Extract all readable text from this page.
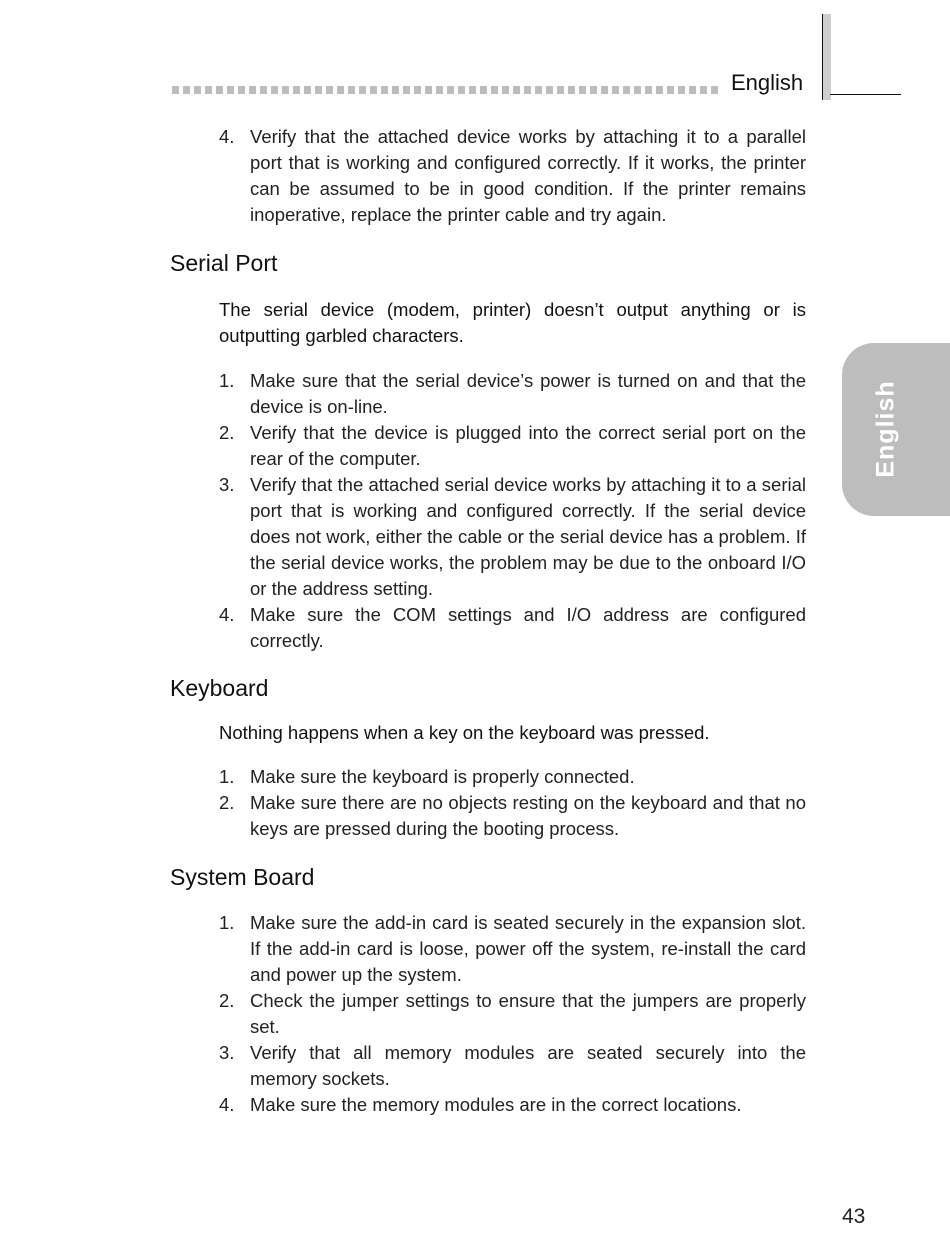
English
English
4. Verify that the attached device works by attaching it to a parallel port that is working and configured correctly. If it works, the printer can be assumed to be in good condition. If the printer remains inoperative, replace the printer cable and try again.
Serial Port

The serial device (modem, printer) doesn’t output anything or is outputting garbled characters.

1. Make sure that the serial device’s power is turned on and that the device is on-line.
2. Verify that the device is plugged into the correct serial port on the rear of the computer.
3. Verify that the attached serial device works by attaching it to a serial port that is working and configured correctly. If the serial device does not work, either the cable or the serial device has a problem. If the serial device works, the problem may be due to the onboard I/O or the address setting.
4. Make sure the COM settings and I/O address are configured correctly.
Keyboard

Nothing happens when a key on the keyboard was pressed.

1. Make sure the keyboard is properly connected.
2. Make sure there are no objects resting on the keyboard and that no keys are pressed during the booting process.
System Board
1. Make sure the add-in card is seated securely in the expansion slot. If the add-in card is loose, power off the system, re-install the card and power up the system.
2. Check the jumper settings to ensure that the jumpers are properly set.
3. Verify that all memory modules are seated securely into the memory sockets.
4. Make sure the memory modules are in the correct locations.
43
